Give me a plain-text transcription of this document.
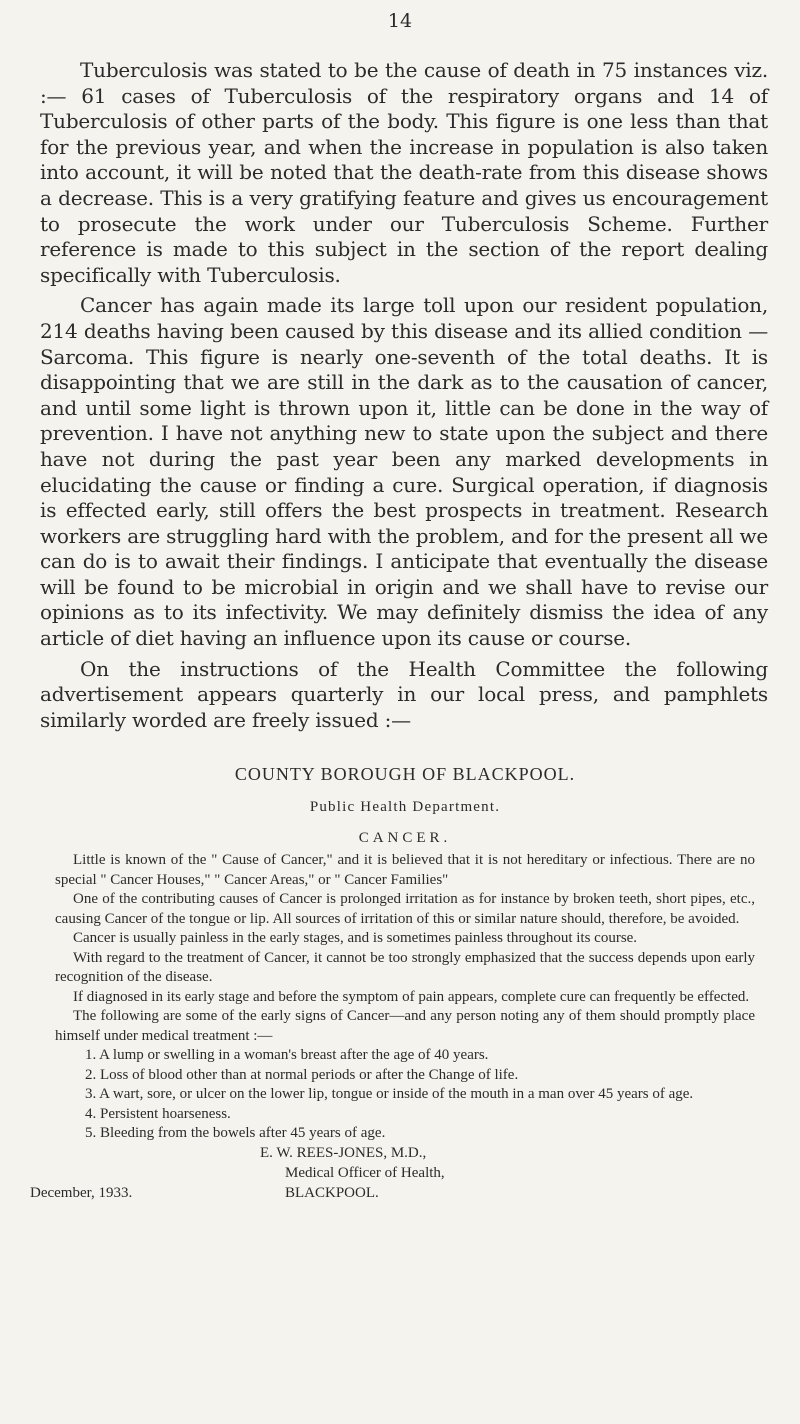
14

Tuberculosis was stated to be the cause of death in 75 instances viz. :— 61 cases of Tuberculosis of the respiratory organs and 14 of Tuberculosis of other parts of the body. This figure is one less than that for the previous year, and when the increase in population is also taken into account, it will be noted that the death-rate from this disease shows a decrease. This is a very gratifying feature and gives us encouragement to prosecute the work under our Tuberculosis Scheme. Further reference is made to this subject in the section of the report dealing specifically with Tuberculosis.

Cancer has again made its large toll upon our resident population, 214 deaths having been caused by this disease and its allied condition —Sarcoma. This figure is nearly one-seventh of the total deaths. It is disappointing that we are still in the dark as to the causation of cancer, and until some light is thrown upon it, little can be done in the way of prevention. I have not anything new to state upon the subject and there have not during the past year been any marked developments in elucidating the cause or finding a cure. Surgical operation, if diagnosis is effected early, still offers the best prospects in treatment. Research workers are struggling hard with the problem, and for the present all we can do is to await their findings. I anticipate that eventually the disease will be found to be microbial in origin and we shall have to revise our opinions as to its infectivity. We may definitely dismiss the idea of any article of diet having an influence upon its cause or course.

On the instructions of the Health Committee the following advertisement appears quarterly in our local press, and pamphlets similarly worded are freely issued :—

COUNTY BOROUGH OF BLACKPOOL.
Public Health Department.
CANCER.

Little is known of the " Cause of Cancer," and it is believed that it is not hereditary or infectious. There are no special " Cancer Houses," " Cancer Areas," or " Cancer Families"

One of the contributing causes of Cancer is prolonged irritation as for instance by broken teeth, short pipes, etc., causing Cancer of the tongue or lip. All sources of irritation of this or similar nature should, therefore, be avoided.

Cancer is usually painless in the early stages, and is sometimes painless throughout its course.

With regard to the treatment of Cancer, it cannot be too strongly emphasized that the success depends upon early recognition of the disease.

If diagnosed in its early stage and before the symptom of pain appears, complete cure can frequently be effected.

The following are some of the early signs of Cancer—and any person noting any of them should promptly place himself under medical treatment :—

1. A lump or swelling in a woman's breast after the age of 40 years.
2. Loss of blood other than at normal periods or after the Change of life.
3. A wart, sore, or ulcer on the lower lip, tongue or inside of the mouth in a man over 45 years of age.
4. Persistent hoarseness.
5. Bleeding from the bowels after 45 years of age.
E. W. REES-JONES, M.D.,
Medical Officer of Health,
BLACKPOOL.
December, 1933.
